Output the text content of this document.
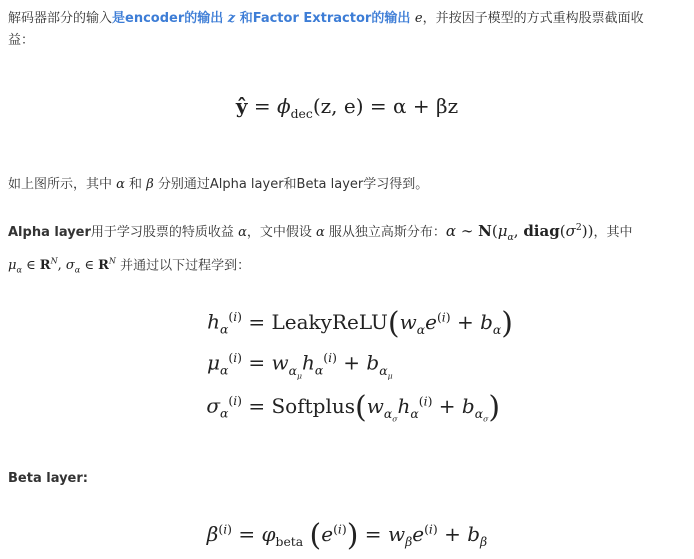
解码器部分的输入是encoder的输出 z 和Factor Extractor的输出 e，并按因子模型的方式重构股票截面收
益：
ŷ = $\phi_{dec}(z$, e) = α + βz
如上图所示，其中 α 和 β 分别通过Alpha layer和Beta layer学习得到。
Alpha layer用于学习股票的特质收益 α，文中假设 α 服从独立高斯分布：α ∼ $N(\mu_\alpha$, $diag(\sigma^2)$)，其中
$\mu_\alpha$ ∈ $R^N$, $\sigma_\alpha$ ∈ $R^N$ 并通过以下过程学到：
$h_\alpha^{(i)}$ = $LeakyReLU(w_\alpha e^{(i)} + b_\alpha)$
$\mu_\alpha^{(i)} = w_{\alpha_\mu}h_\alpha^{(i)} + b_{\alpha_\mu}$
$\sigma_\alpha^{(i)}$ = $Softplus(w_{\alpha_\sigma}h_\alpha^{(i)} + b_{\alpha_\sigma})$
Beta layer:
$\beta^{(i)} = \varphi_{beta}$ $(e^{(i)}) = w_\beta e^{(i)} + b_\beta$
